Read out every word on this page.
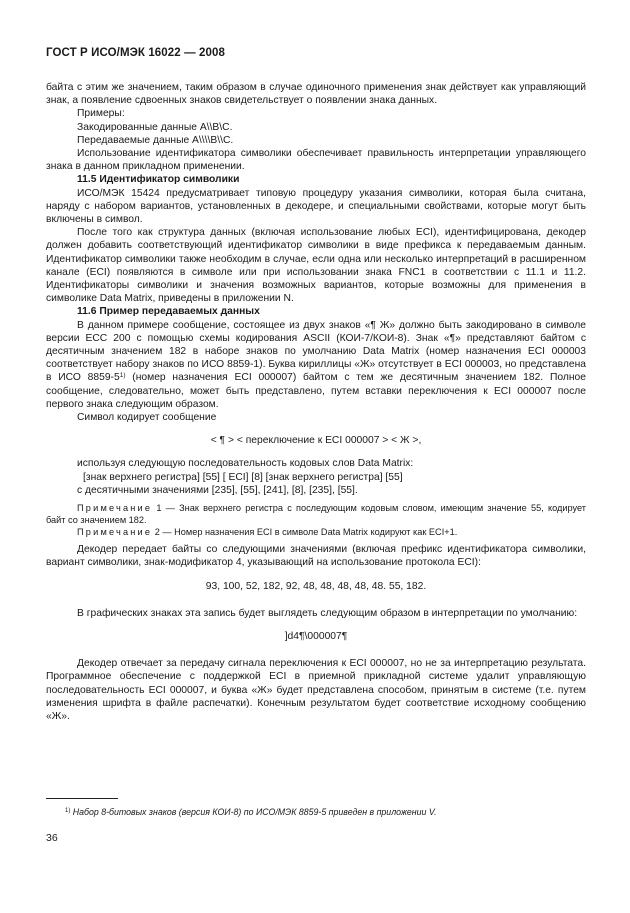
ГОСТ Р ИСО/МЭК 16022 — 2008

байта с этим же значением, таким образом в случае одиночного применения знак действует как управляющий знак, а появление сдвоенных знаков свидетельствует о появлении знака данных.

Примеры:

Закодированные данные A\\B\C.

Передаваемые данные A\\\\B\\C.

Использование идентификатора символики обеспечивает правильность интерпретации управляющего знака в данном прикладном применении.

11.5 Идентификатор символики

ИСО/МЭК 15424 предусматривает типовую процедуру указания символики, которая была считана, наряду с набором вариантов, установленных в декодере, и специальными свойствами, которые могут быть включены в символ.

После того как структура данных (включая использование любых ECI), идентифицирована, декодер должен добавить соответствующий идентификатор символики в виде префикса к передаваемым данным. Идентификатор символики также необходим в случае, если одна или несколько интерпретаций в расширенном канале (ECI) появляются в символе или при использовании знака FNC1 в соответствии с 11.1 и 11.2. Идентификаторы символики и значения возможных вариантов, которые возможны для применения в символике Data Matrix, приведены в приложении N.

11.6 Пример передаваемых данных

В данном примере сообщение, состоящее из двух знаков «¶ Ж» должно быть закодировано в символе версии ECC 200 с помощью схемы кодирования ASCII (КОИ-7/КОИ-8). Знак «¶» представляют байтом с десятичным значением 182 в наборе знаков по умолчанию Data Matrix (номер назначения ECI 000003 соответствует набору знаков по ИСО 8859-1). Буква кириллицы «Ж» отсутствует в ECI 000003, но представлена в ИСО 8859-5$^{1)}$ (номер назначения ECI 000007) байтом с тем же десятичным значением 182. Полное сообщение, следовательно, может быть представлено, путем вставки переключения к ECI 000007 после первого знака следующим образом.

Символ кодирует сообщение

< ¶ > < переключение к ECI 000007 > < Ж >,

используя следующую последовательность кодовых слов Data Matrix:

[знак верхнего регистра] [55] [ ECI] [8] [знак верхнего регистра] [55]

с десятичными значениями [235], [55], [241], [8], [235], [55].

Примечание 1 — Знак верхнего регистра с последующим кодовым словом, имеющим значение 55, кодирует байт со значением 182.

Примечание 2 — Номер назначения ECI в символе Data Matrix кодируют как ECI+1.

Декодер передает байты со следующими значениями (включая префикс идентификатора символики, вариант символики, знак-модификатор 4, указывающий на использование протокола ECI):

93, 100, 52, 182, 92, 48, 48, 48, 48, 48. 55, 182.

В графических знаках эта запись будет выглядеть следующим образом в интерпретации по умолчанию:

]d4¶\000007¶

Декодер отвечает за передачу сигнала переключения к ECI 000007, но не за интерпретацию результата. Программное обеспечение с поддержкой ECI в приемной прикладной системе удалит управляющую последовательность ECI 000007, и буква «Ж» будет представлена способом, принятым в системе (т.е. путем изменения шрифта в файле распечатки). Конечным результатом будет соответствие исходному сообщению «Ж».

$^{1)}$ Набор 8-битовых знаков (версия КОИ-8) по ИСО/МЭК 8859-5 приведен в приложении V.
36
